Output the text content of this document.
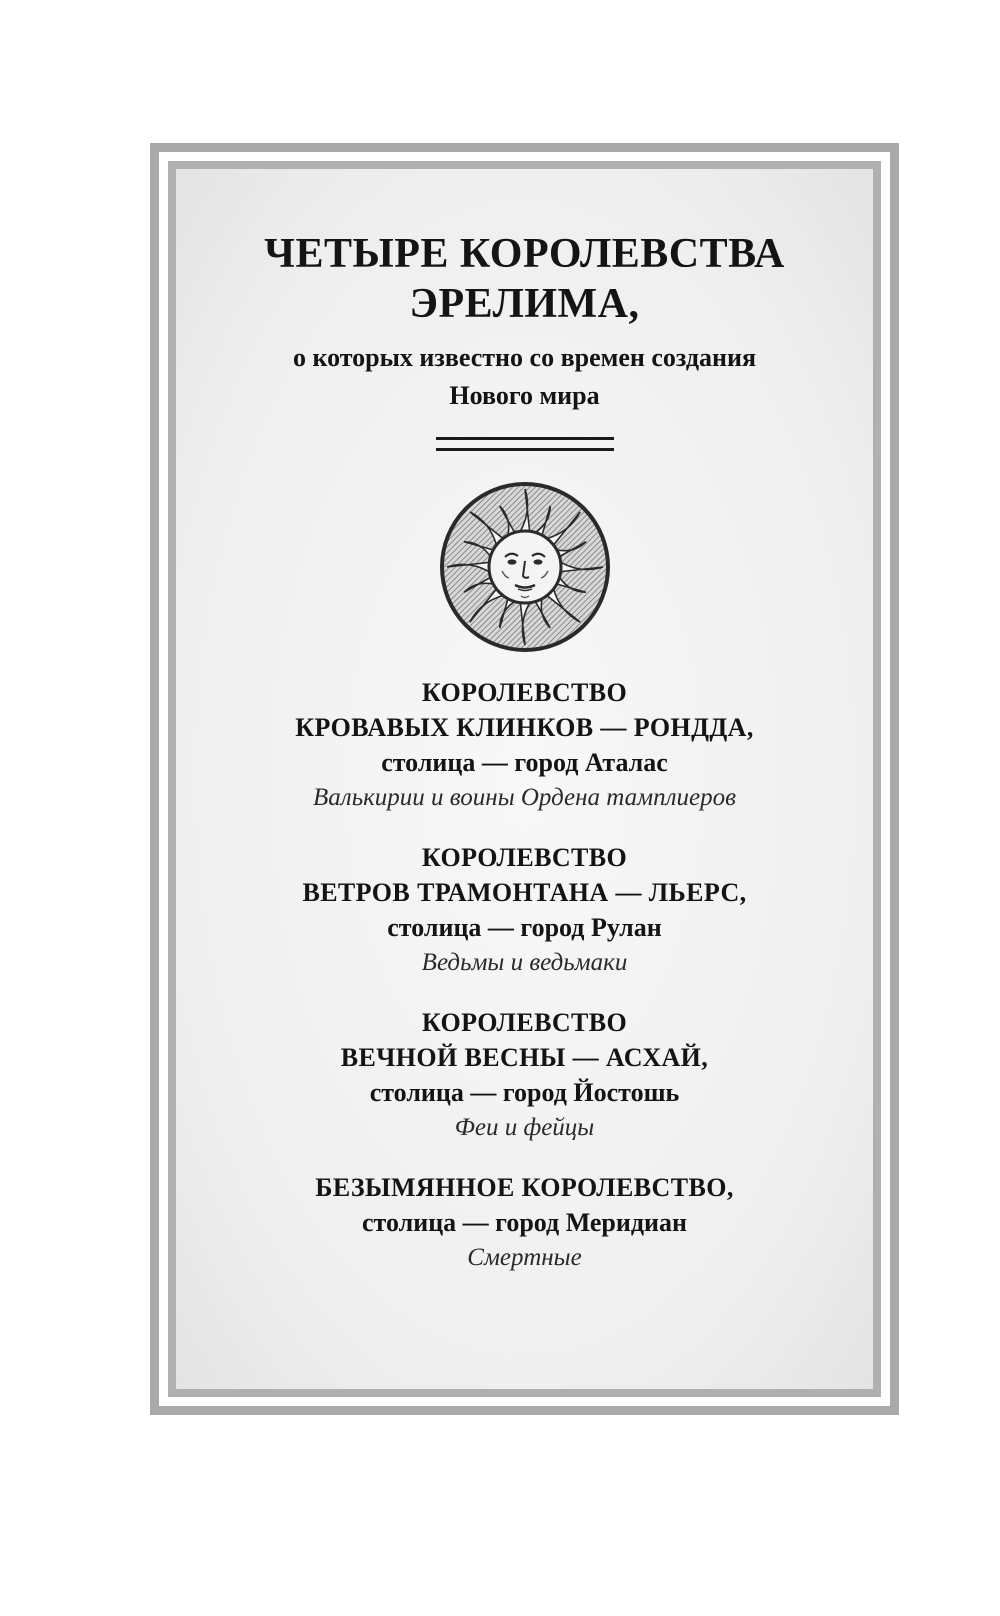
ЧЕТЫРЕ КОРОЛЕВСТВА
ЭРЕЛИМА,
о которых известно со времен создания
Нового мира
КОРОЛЕВСТВО
КРОВАВЫХ КЛИНКОВ — РОНДДА,
столица — город Аталас
Валькирии и воины Ордена тамплиеров
КОРОЛЕВСТВО
ВЕТРОВ ТРАМОНТАНА — ЛЬЕРС,
столица — город Рулан
Ведьмы и ведьмаки
КОРОЛЕВСТВО
ВЕЧНОЙ ВЕСНЫ — АСХАЙ,
столица — город Йостошь
Феи и фейцы
БЕЗЫМЯННОЕ КОРОЛЕВСТВО,
столица — город Меридиан
Смертные
